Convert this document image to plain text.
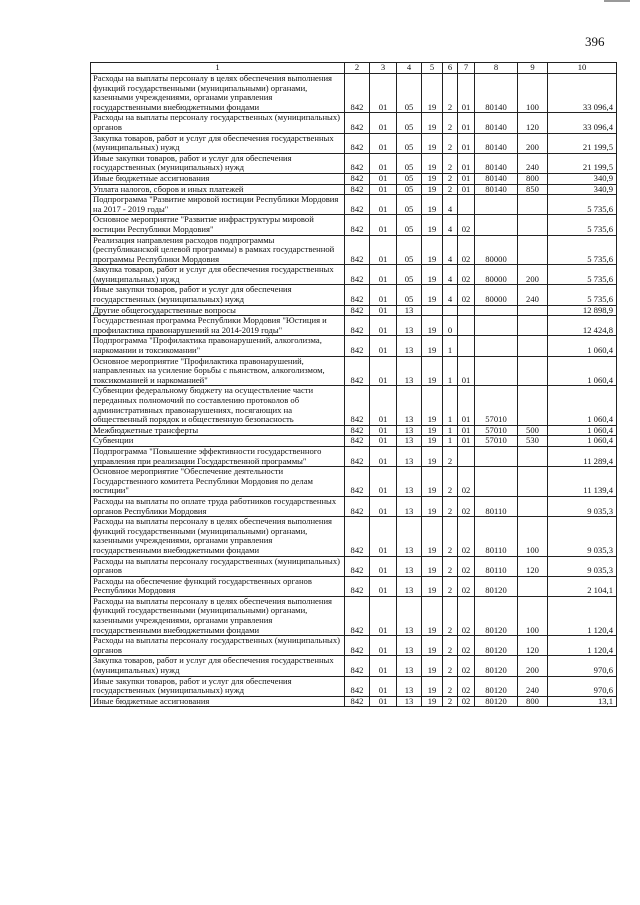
396
1	2	3	4	5	6	7	8	9	10
Расходы на выплаты персоналу в целях обеспечения выполнения функций государственными (муниципальными) органами, казенными учреждениями, органами управления государственными внебюджетными фондами	842	01	05	19	2	01	80140	100	33 096,4
Расходы на выплаты персоналу государственных (муниципальных) органов	842	01	05	19	2	01	80140	120	33 096,4
Закупка товаров, работ и услуг для обеспечения государственных (муниципальных) нужд	842	01	05	19	2	01	80140	200	21 199,5
Иные закупки товаров, работ и услуг для обеспечения государственных (муниципальных) нужд	842	01	05	19	2	01	80140	240	21 199,5
Иные бюджетные ассигнования	842	01	05	19	2	01	80140	800	340,9
Уплата налогов, сборов и иных платежей	842	01	05	19	2	01	80140	850	340,9
Подпрограмма "Развитие мировой юстиции Республики Мордовия на 2017 - 2019 годы"	842	01	05	19	4				5 735,6
Основное мероприятие "Развитие инфраструктуры мировой юстиции Республики Мордовия"	842	01	05	19	4	02			5 735,6
Реализация направления расходов подпрограммы (республиканской целевой программы) в рамках государственной программы Республики Мордовия	842	01	05	19	4	02	80000		5 735,6
Закупка товаров, работ и услуг для обеспечения государственных (муниципальных) нужд	842	01	05	19	4	02	80000	200	5 735,6
Иные закупки товаров, работ и услуг для обеспечения государственных (муниципальных) нужд	842	01	05	19	4	02	80000	240	5 735,6
Другие общегосударственные вопросы	842	01	13						12 898,9
Государственная программа Республики Мордовия "Юстиция и профилактика правонарушений на 2014-2019 годы"	842	01	13	19	0				12 424,8
Подпрограмма "Профилактика правонарушений, алкоголизма, наркомании и токсикомании"	842	01	13	19	1				1 060,4
Основное мероприятие "Профилактика правонарушений, направленных на усиление борьбы с пьянством, алкоголизмом, токсикоманией и наркоманией"	842	01	13	19	1	01			1 060,4
Субвенции федеральному бюджету на осуществление части переданных полномочий по составлению протоколов об административных правонарушениях, посягающих на общественный порядок и общественную безопасность	842	01	13	19	1	01	57010		1 060,4
Межбюджетные трансферты	842	01	13	19	1	01	57010	500	1 060,4
Субвенции	842	01	13	19	1	01	57010	530	1 060,4
Подпрограмма "Повышение эффективности государственного управления при реализации Государственной программы"	842	01	13	19	2				11 289,4
Основное мероприятие "Обеспечение деятельности Государственного комитета Республики Мордовия по делам юстиции"	842	01	13	19	2	02			11 139,4
Расходы на выплаты по оплате труда работников государственных органов Республики Мордовия	842	01	13	19	2	02	80110		9 035,3
Расходы на выплаты персоналу в целях обеспечения выполнения функций государственными (муниципальными) органами, казенными учреждениями, органами управления государственными внебюджетными фондами	842	01	13	19	2	02	80110	100	9 035,3
Расходы на выплаты персоналу государственных (муниципальных) органов	842	01	13	19	2	02	80110	120	9 035,3
Расходы на обеспечение функций государственных органов Республики Мордовия	842	01	13	19	2	02	80120		2 104,1
Расходы на выплаты персоналу в целях обеспечения выполнения функций государственными (муниципальными) органами, казенными учреждениями, органами управления государственными внебюджетными фондами	842	01	13	19	2	02	80120	100	1 120,4
Расходы на выплаты персоналу государственных (муниципальных) органов	842	01	13	19	2	02	80120	120	1 120,4
Закупка товаров, работ и услуг для обеспечения государственных (муниципальных) нужд	842	01	13	19	2	02	80120	200	970,6
Иные закупки товаров, работ и услуг для обеспечения государственных (муниципальных) нужд	842	01	13	19	2	02	80120	240	970,6
Иные бюджетные ассигнования	842	01	13	19	2	02	80120	800	13,1
